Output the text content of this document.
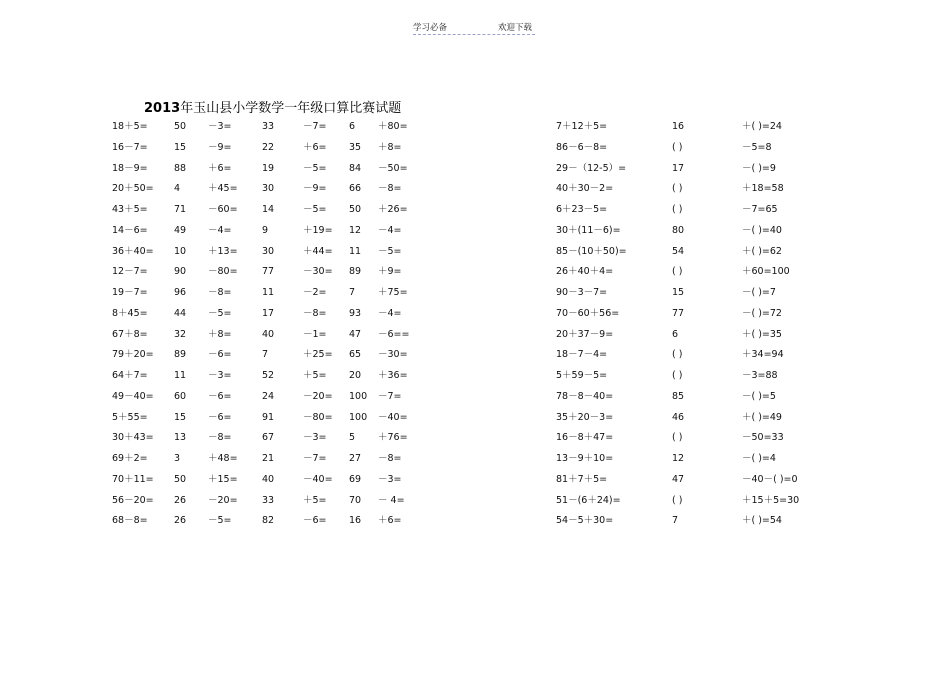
学习必备	欢迎下载
2013年玉山县小学数学一年级口算比赛试题
18＋5=	50 －3=	33	－7= 6 ＋80=	7＋12＋5=	16	＋( )=24
16－7=	15 －9=	22	＋6= 35 ＋8=	86－6－8=	( )	－5=8
18－9=	88 ＋6=	19	－5= 84 －50=	29－（12-5）=	17	－( )=9
20＋50= 4	＋45=	30	－9= 66 －8=	40＋30－2=	( )	＋18=58
43＋5=	71 －60=	14	－5= 50 ＋26=	6＋23－5=	( )	－7=65
14－6=	49 －4=	9	＋19= 12 －4=	30＋(11－6)=	80	－( )=40
36＋40= 10 ＋13=	30	＋44= 11 －5=	85－(10＋50)=	54	＋( )=62
12－7=	90 －80=	77	－30= 89 ＋9=	26＋40＋4=	( )	＋60=100
19－7=	96 －8=	11	－2= 7 ＋75=	90－3－7=	15	－( )=7
8＋45=	44 －5=	17	－8= 93 －4=	70－60＋56=	77	－( )=72
67＋8=	32 ＋8=	40	－1= 47 －6==	20＋37－9=	6	＋( )=35
79＋20= 89 －6=	7	＋25= 65 －30=	18－7－4=	( )	＋34=94
64＋7=	11 －3=	52	＋5= 20 ＋36=	5＋59－5=	( )	－3=88
49－40= 60 －6=	24	－20= 100 －7=	78－8－40=	85	－( )=5
5＋55=	15 －6=	91	－80= 100 －40=	35＋20－3=	46	＋( )=49
30＋43= 13 －8=	67	－3= 5 ＋76=	16－8＋47=	( )	－50=33
69＋2=	3	＋48=	21	－7= 27 －8=	13－9＋10=	12	－( )=4
70＋11= 50 ＋15=	40	－40= 69 －3=	81＋7＋5=	47	－40－( )=0
56－20= 26 －20=	33	＋5= 70 － 4=	51－(6＋24)=	( )	＋15＋5=30
68－8=	26 －5=	82	－6= 16 ＋6=	54－5＋30=	7	＋( )=54
